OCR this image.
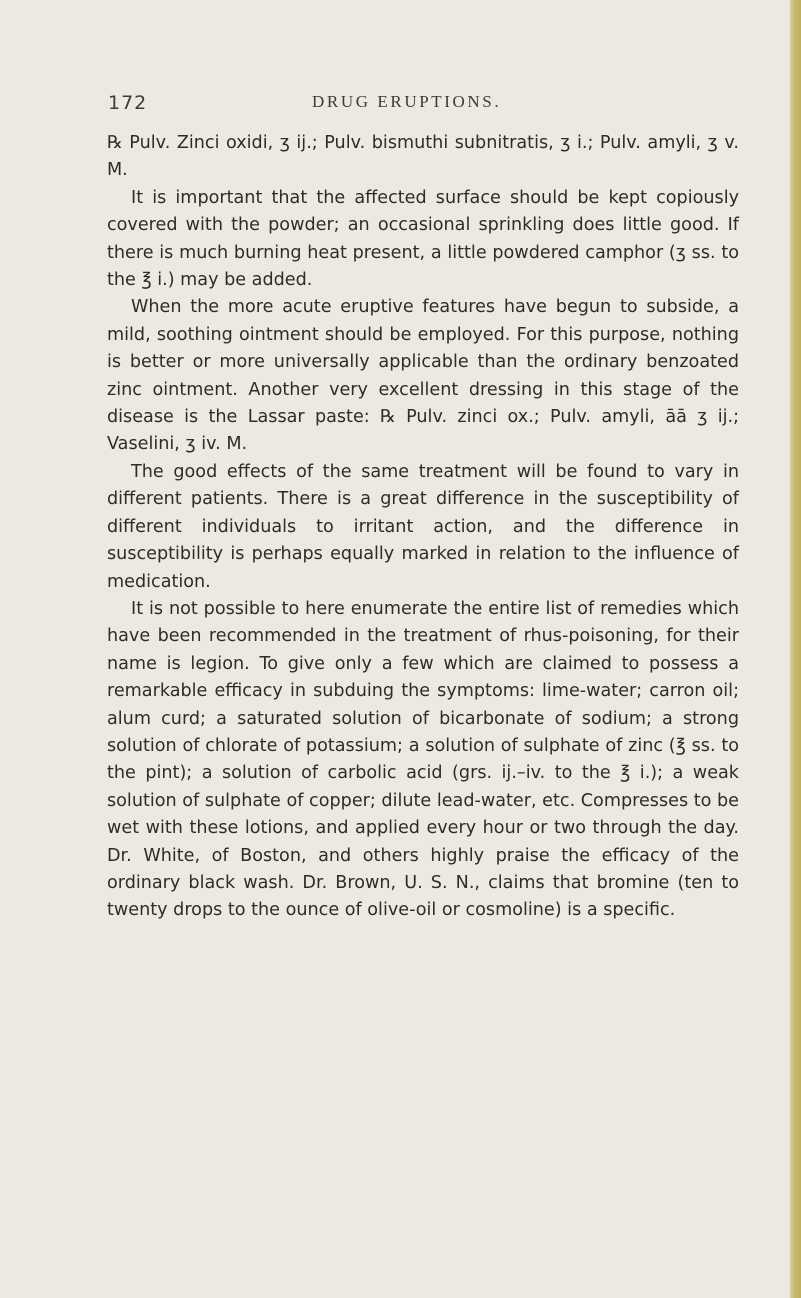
172	DRUG ERUPTIONS.

℞ Pulv. Zinci oxidi, ʒ ij.; Pulv. bismuthi subnitratis, ʒ i.; Pulv. amyli, ʒ v. M.

It is important that the affected surface should be kept copiously covered with the powder; an occasional sprinkling does little good. If there is much burning heat present, a little powdered camphor (ʒ ss. to the ℥ i.) may be added.

When the more acute eruptive features have begun to subside, a mild, soothing ointment should be employed. For this purpose, nothing is better or more universally applicable than the ordinary benzoated zinc ointment. Another very excellent dressing in this stage of the disease is the Lassar paste: ℞ Pulv. zinci ox.; Pulv. amyli, āā ʒ ij.; Vaselini, ʒ iv. M.

The good effects of the same treatment will be found to vary in different patients. There is a great difference in the susceptibility of different individuals to irritant action, and the difference in susceptibility is perhaps equally marked in relation to the influence of medication.

It is not possible to here enumerate the entire list of remedies which have been recommended in the treatment of rhus-poisoning, for their name is legion. To give only a few which are claimed to possess a remarkable efficacy in subduing the symptoms: lime-water; carron oil; alum curd; a saturated solution of bicarbonate of sodium; a strong solution of chlorate of potassium; a solution of sulphate of zinc (℥ ss. to the pint); a solution of carbolic acid (grs. ij.–iv. to the ℥ i.); a weak solution of sulphate of copper; dilute lead-water, etc. Compresses to be wet with these lotions, and applied every hour or two through the day. Dr. White, of Boston, and others highly praise the efficacy of the ordinary black wash. Dr. Brown, U. S. N., claims that bromine (ten to twenty drops to the ounce of olive-oil or cosmoline) is a specific.
